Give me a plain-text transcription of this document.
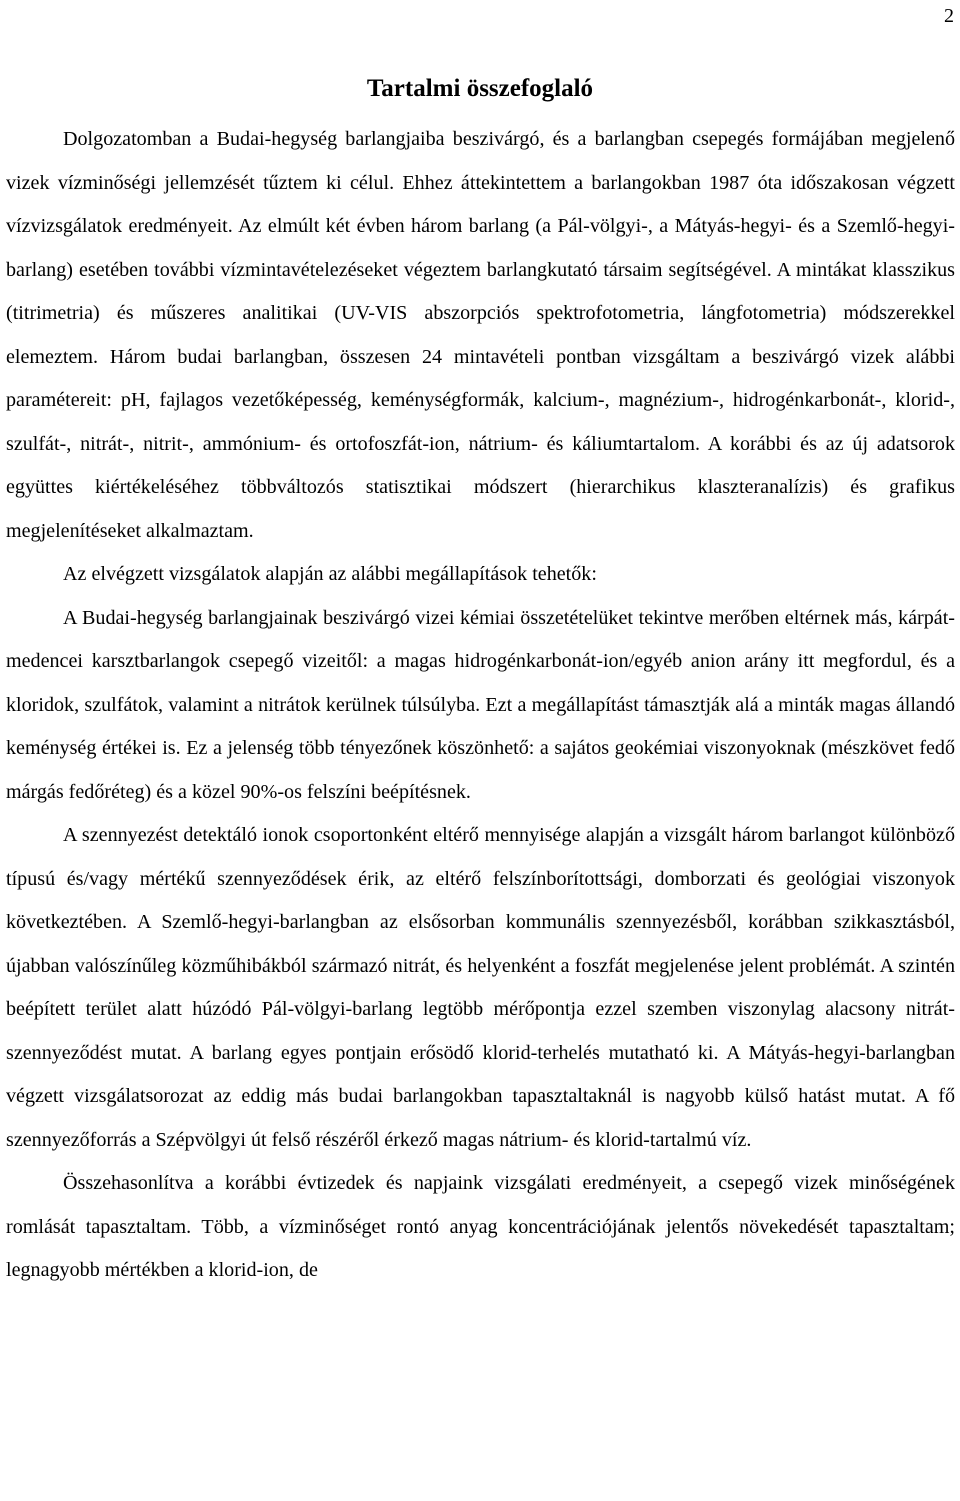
2
Tartalmi összefoglaló

Dolgozatomban a Budai-hegység barlangjaiba beszivárgó, és a barlangban csepegés formájában megjelenő vizek vízminőségi jellemzését tűztem ki célul. Ehhez áttekintettem a barlangokban 1987 óta időszakosan végzett vízvizsgálatok eredményeit. Az elmúlt két évben három barlang (a Pál-völgyi-, a Mátyás-hegyi- és a Szemlő-hegyi-barlang) esetében további vízmintavételezéseket végeztem barlangkutató társaim segítségével. A mintákat klasszikus (titrimetria) és műszeres analitikai (UV-VIS abszorpciós spektrofotometria, lángfotometria) módszerekkel elemeztem. Három budai barlangban, összesen 24 mintavételi pontban vizsgáltam a beszivárgó vizek alábbi paramétereit: pH, fajlagos vezetőképesség, keménységformák, kalcium-, magnézium-, hidrogénkarbonát-, klorid-, szulfát-, nitrát-, nitrit-, ammónium- és ortofoszfát-ion, nátrium- és káliumtartalom. A korábbi és az új adatsorok együttes kiértékeléséhez többváltozós statisztikai módszert (hierarchikus klaszteranalízis) és grafikus megjelenítéseket alkalmaztam.

Az elvégzett vizsgálatok alapján az alábbi megállapítások tehetők:

A Budai-hegység barlangjainak beszivárgó vizei kémiai összetételüket tekintve merőben eltérnek más, kárpát-medencei karsztbarlangok csepegő vizeitől: a magas hidrogénkarbonát-ion/egyéb anion arány itt megfordul, és a kloridok, szulfátok, valamint a nitrátok kerülnek túlsúlyba. Ezt a megállapítást támasztják alá a minták magas állandó keménység értékei is. Ez a jelenség több tényezőnek köszönhető: a sajátos geokémiai viszonyoknak (mészkövet fedő márgás fedőréteg) és a közel 90%-os felszíni beépítésnek.

A szennyezést detektáló ionok csoportonként eltérő mennyisége alapján a vizsgált három barlangot különböző típusú és/vagy mértékű szennyeződések érik, az eltérő felszínborítottsági, domborzati és geológiai viszonyok következtében. A Szemlő-hegyi-barlangban az elsősorban kommunális szennyezésből, korábban szikkasztásból, újabban valószínűleg közműhibákból származó nitrát, és helyenként a foszfát megjelenése jelent problémát. A szintén beépített terület alatt húzódó Pál-völgyi-barlang legtöbb mérőpontja ezzel szemben viszonylag alacsony nitrát-szennyeződést mutat. A barlang egyes pontjain erősödő klorid-terhelés mutatható ki. A Mátyás-hegyi-barlangban végzett vizsgálatsorozat az eddig más budai barlangokban tapasztaltaknál is nagyobb külső hatást mutat. A fő szennyezőforrás a Szépvölgyi út felső részéről érkező magas nátrium- és klorid-tartalmú víz.

Összehasonlítva a korábbi évtizedek és napjaink vizsgálati eredményeit, a csepegő vizek minőségének romlását tapasztaltam. Több, a vízminőséget rontó anyag koncentrációjának jelentős növekedését tapasztaltam; legnagyobb mértékben a klorid-ion, de
